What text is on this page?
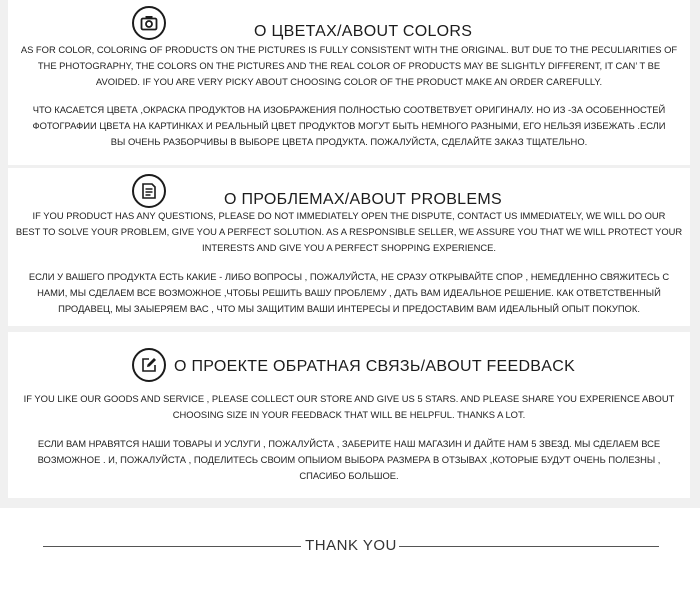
О ЦВЕТАХ/ABOUT COLORS
AS FOR COLOR, COLORING OF PRODUCTS ON THE PICTURES IS FULLY CONSISTENT WITH THE ORIGINAL. BUT DUE TO THE PECULIARITIES OF
THE PHOTOGRAPHY, THE COLORS ON THE PICTURES AND THE REAL COLOR OF PRODUCTS MAY BE SLIGHTLY DIFFERENT, IT CAN’ T BE
AVOIDED. IF YOU ARE VERY PICKY ABOUT CHOOSING COLOR OF THE PRODUCT MAKE AN ORDER CAREFULLY.
ЧТО КАСАЕТСЯ ЦВЕТА ,ОКРАСКА ПРОДУКТОВ НА ИЗОБРАЖЕНИЯ ПОЛНОСТЬЮ СООТВЕТВУЕТ ОРИГИНАЛУ. НО ИЗ -ЗА ОСОБЕННОСТЕЙ
ФОТОГРАФИИ ЦВЕТА НА КАРТИНКАХ И РЕАЛЬНЫЙ ЦВЕТ ПРОДУКТОВ МОГУТ БЫТЬ НЕМНОГО РАЗНЫМИ, ЕГО НЕЛЬЗЯ ИЗБЕЖАТЬ .ЕСЛИ
ВЫ ОЧЕНЬ РАЗБОРЧИВЫ В ВЫБОРЕ ЦВЕТА ПРОДУКТА. ПОЖАЛУЙСТА, СДЕЛАЙТЕ ЗАКАЗ ТЩАТЕЛЬНО.
О ПРОБЛЕМАХ/ABOUT PROBLEMS
IF YOU PRODUCT HAS ANY QUESTIONS, PLEASE DO NOT IMMEDIATELY OPEN THE DISPUTE, CONTACT US IMMEDIATELY, WE WILL DO OUR
BEST TO SOLVE YOUR PROBLEM, GIVE YOU A PERFECT SOLUTION. AS A RESPONSIBLE SELLER, WE ASSURE YOU THAT WE WILL PROTECT YOUR
INTERESTS AND GIVE YOU A PERFECT SHOPPING EXPERIENCE.
ЕСЛИ У ВАШЕГО ПРОДУКТА ЕСТЬ КАКИЕ - ЛИБО ВОПРОСЫ , ПОЖАЛУЙСТА, НЕ СРАЗУ ОТКРЫВАЙТЕ СПОР , НЕМЕДЛЕННО СВЯЖИТЕСЬ С
НАМИ, МЫ СДЕЛАЕМ ВСЕ ВОЗМОЖНОЕ ,ЧТОБЫ РЕШИТЬ ВАШУ ПРОБЛЕМУ , ДАТЬ ВАМ ИДЕАЛЬНОЕ РЕШЕНИЕ. КАК ОТВЕТСТВЕННЫЙ
ПРОДАВЕЦ, МЫ ЗАЫЕРЯЕМ ВАС , ЧТО МЫ ЗАЩИТИМ ВАШИ ИНТЕРЕСЫ И ПРЕДОСТАВИМ ВАМ ИДЕАЛЬНЫЙ ОПЫТ ПОКУПОК.
О ПРОЕКТЕ ОБРАТНАЯ СВЯЗЬ/ABOUT FEEDBACK
IF YOU LIKE OUR GOODS AND SERVICE , PLEASE COLLECT OUR STORE AND GIVE US 5 STARS. AND PLEASE SHARE YOU EXPERIENCE ABOUT
CHOOSING SIZE IN YOUR FEEDBACK THAT WILL BE HELPFUL. THANKS A LOT.
ЕСЛИ ВАМ НРАВЯТСЯ НАШИ ТОВАРЫ И УСЛУГИ , ПОЖАЛУЙСТА , ЗАБЕРИТЕ НАШ МАГАЗИН И ДАЙТЕ НАМ 5 ЗВЕЗД. МЫ СДЕЛАЕМ ВСЕ
ВОЗМОЖНОЕ . И, ПОЖАЛУЙСТА , ПОДЕЛИТЕСЬ СВОИМ ОПЫИОМ ВЫБОРА РАЗМЕРА В ОТЗЫВАХ ,КОТОРЫЕ БУДУТ ОЧЕНЬ ПОЛЕЗНЫ ,
СПАСИБО БОЛЬШОЕ.
THANK YOU
